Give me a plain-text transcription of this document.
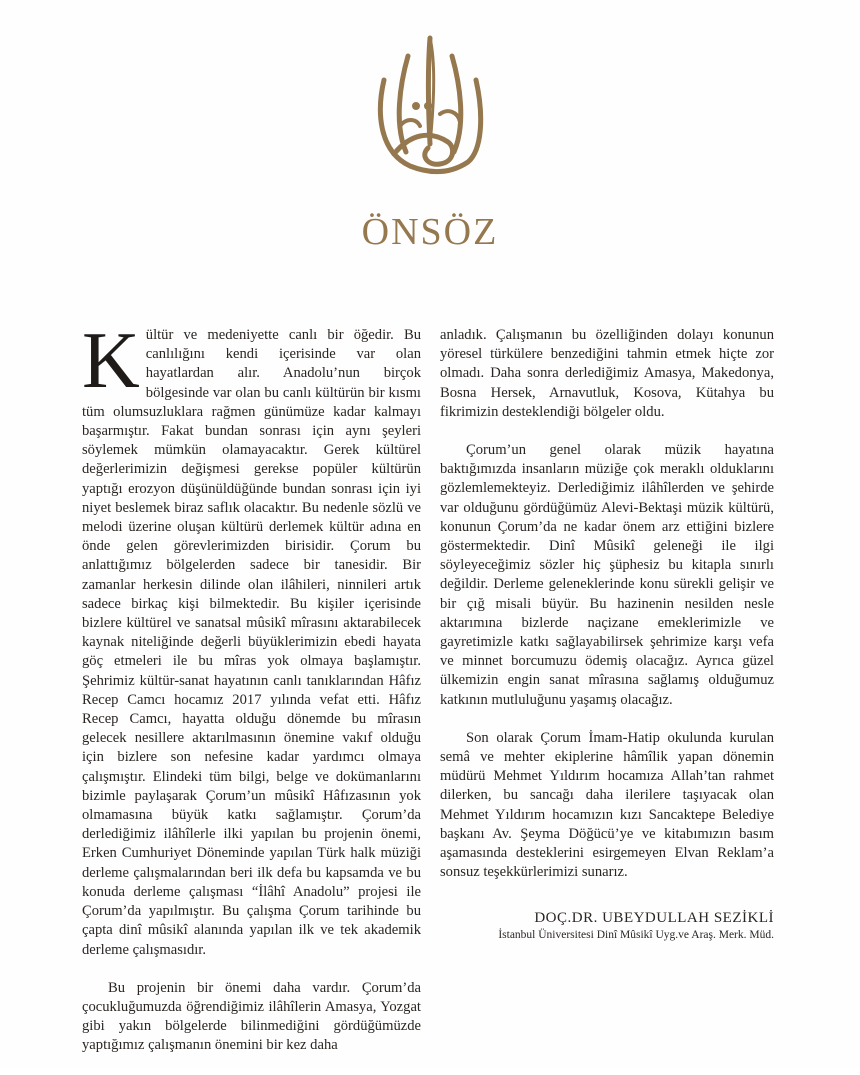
ÖNSÖZ

Kültür ve medeniyette canlı bir öğedir. Bu canlılığını kendi içerisinde var olan hayatlardan alır. Anadolu’nun birçok bölgesinde var olan bu canlı kültürün bir kısmı tüm olumsuzluklara rağmen günümüze kadar kalmayı başarmıştır. Fakat bundan sonrası için aynı şeyleri söylemek mümkün olamayacaktır. Gerek kültürel değerlerimizin değişmesi gerekse popüler kültürün yaptığı erozyon düşünüldüğünde bundan sonrası için iyi niyet beslemek biraz saflık olacaktır. Bu nedenle sözlü ve melodi üzerine oluşan kültürü derlemek kültür adına en önde gelen görevlerimizden birisidir. Çorum bu anlattığımız bölgelerden sadece bir tanesidir. Bir zamanlar herkesin dilinde olan ilâhileri, ninnileri artık sadece birkaç kişi bilmektedir. Bu kişiler içerisinde bizlere kültürel ve sanatsal mûsikî mîrasını aktarabilecek kaynak niteliğinde değerli büyüklerimizin ebedi hayata göç etmeleri ile bu mîras yok olmaya başlamıştır. Şehrimiz kültür-sanat hayatının canlı tanıklarından Hâfız Recep Camcı hocamız 2017 yılında vefat etti. Hâfız Recep Camcı, hayatta olduğu dönemde bu mîrasın gelecek nesillere aktarılmasının önemine vakıf olduğu için bizlere son nefesine kadar yardımcı olmaya çalışmıştır. Elindeki tüm bilgi, belge ve dokümanlarını bizimle paylaşarak Çorum’un mûsikî Hâfızasının yok olmamasına büyük katkı sağlamıştır. Çorum’da derlediğimiz ilâhîlerle ilki yapılan bu projenin önemi, Erken Cumhuriyet Döneminde yapılan Türk halk müziği derleme çalışmalarından beri ilk defa bu kapsamda ve bu konuda derleme çalışması “İlâhî Anadolu” projesi ile Çorum’da yapılmıştır. Bu çalışma Çorum tarihinde bu çapta dinî mûsikî alanında yapılan ilk ve tek akademik derleme çalışmasıdır.

Bu projenin bir önemi daha vardır. Çorum’da çocukluğumuzda öğrendiğimiz ilâhîlerin Amasya, Yozgat gibi yakın bölgelerde bilinmediğini gördüğümüzde yaptığımız çalışmanın önemini bir kez daha

anladık. Çalışmanın bu özelliğinden dolayı konunun yöresel türkülere benzediğini tahmin etmek hiçte zor olmadı. Daha sonra derlediğimiz Amasya, Makedonya, Bosna Hersek, Arnavutluk, Kosova, Kütahya bu fikrimizin desteklendiği bölgeler oldu.

Çorum’un genel olarak müzik hayatına baktığımızda insanların müziğe çok meraklı olduklarını gözlemlemekteyiz. Derlediğimiz ilâhîlerden ve şehirde var olduğunu gördüğümüz Alevi-Bektaşi müzik kültürü, konunun Çorum’da ne kadar önem arz ettiğini bizlere göstermektedir. Dinî Mûsikî geleneği ile ilgi söyleyeceğimiz sözler hiç şüphesiz bu kitapla sınırlı değildir. Derleme geleneklerinde konu sürekli gelişir ve bir çığ misali büyür. Bu hazinenin nesilden nesle aktarımına bizlerde naçizane emeklerimizle ve gayretimizle katkı sağlayabilirsek şehrimize karşı vefa ve minnet borcumuzu ödemiş olacağız. Ayrıca güzel ülkemizin engin sanat mîrasına sağlamış olduğumuz katkının mutluluğunu yaşamış olacağız.

Son olarak Çorum İmam-Hatip okulunda kurulan semâ ve mehter ekiplerine hâmîlik yapan dönemin müdürü Mehmet Yıldırım hocamıza Allah’tan rahmet dilerken, bu sancağı daha ilerilere taşıyacak olan Mehmet Yıldırım hocamızın kızı Sancaktepe Belediye başkanı Av. Şeyma Döğücü’ye ve kitabımızın basım aşamasında desteklerini esirgemeyen Elvan Reklam’a sonsuz teşekkürlerimizi sunarız.

DOÇ.DR. UBEYDULLAH SEZİKLİ
İstanbul Üniversitesi Dinî Mûsikî Uyg.ve Araş. Merk. Müd.
